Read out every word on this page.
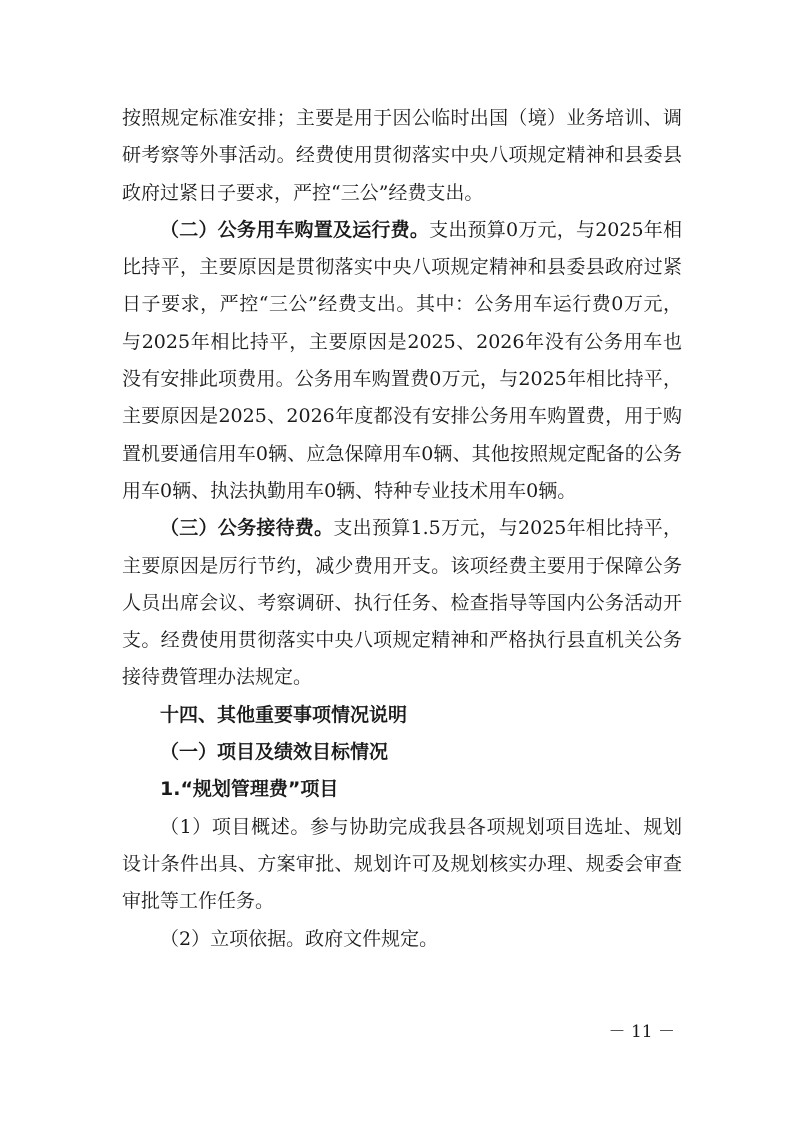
按照规定标准安排；主要是用于因公临时出国（境）业务培训、调研考察等外事活动。经费使用贯彻落实中央八项规定精神和县委县政府过紧日子要求，严控“三公”经费支出。

（二）公务用车购置及运行费。支出预算0万元，与2025年相比持平，主要原因是贯彻落实中央八项规定精神和县委县政府过紧日子要求，严控“三公”经费支出。其中：公务用车运行费0万元，与2025年相比持平，主要原因是2025、2026年没有公务用车也没有安排此项费用。公务用车购置费0万元，与2025年相比持平，主要原因是2025、2026年度都没有安排公务用车购置费，用于购置机要通信用车0辆、应急保障用车0辆、其他按照规定配备的公务用车0辆、执法执勤用车0辆、特种专业技术用车0辆。

（三）公务接待费。支出预算1.5万元，与2025年相比持平，主要原因是厉行节约，减少费用开支。该项经费主要用于保障公务人员出席会议、考察调研、执行任务、检查指导等国内公务活动开支。经费使用贯彻落实中央八项规定精神和严格执行县直机关公务接待费管理办法规定。

十四、其他重要事项情况说明

（一）项目及绩效目标情况

1.“规划管理费”项目

（1）项目概述。参与协助完成我县各项规划项目选址、规划设计条件出具、方案审批、规划许可及规划核实办理、规委会审查审批等工作任务。

（2）立项依据。政府文件规定。

－ 11 －
